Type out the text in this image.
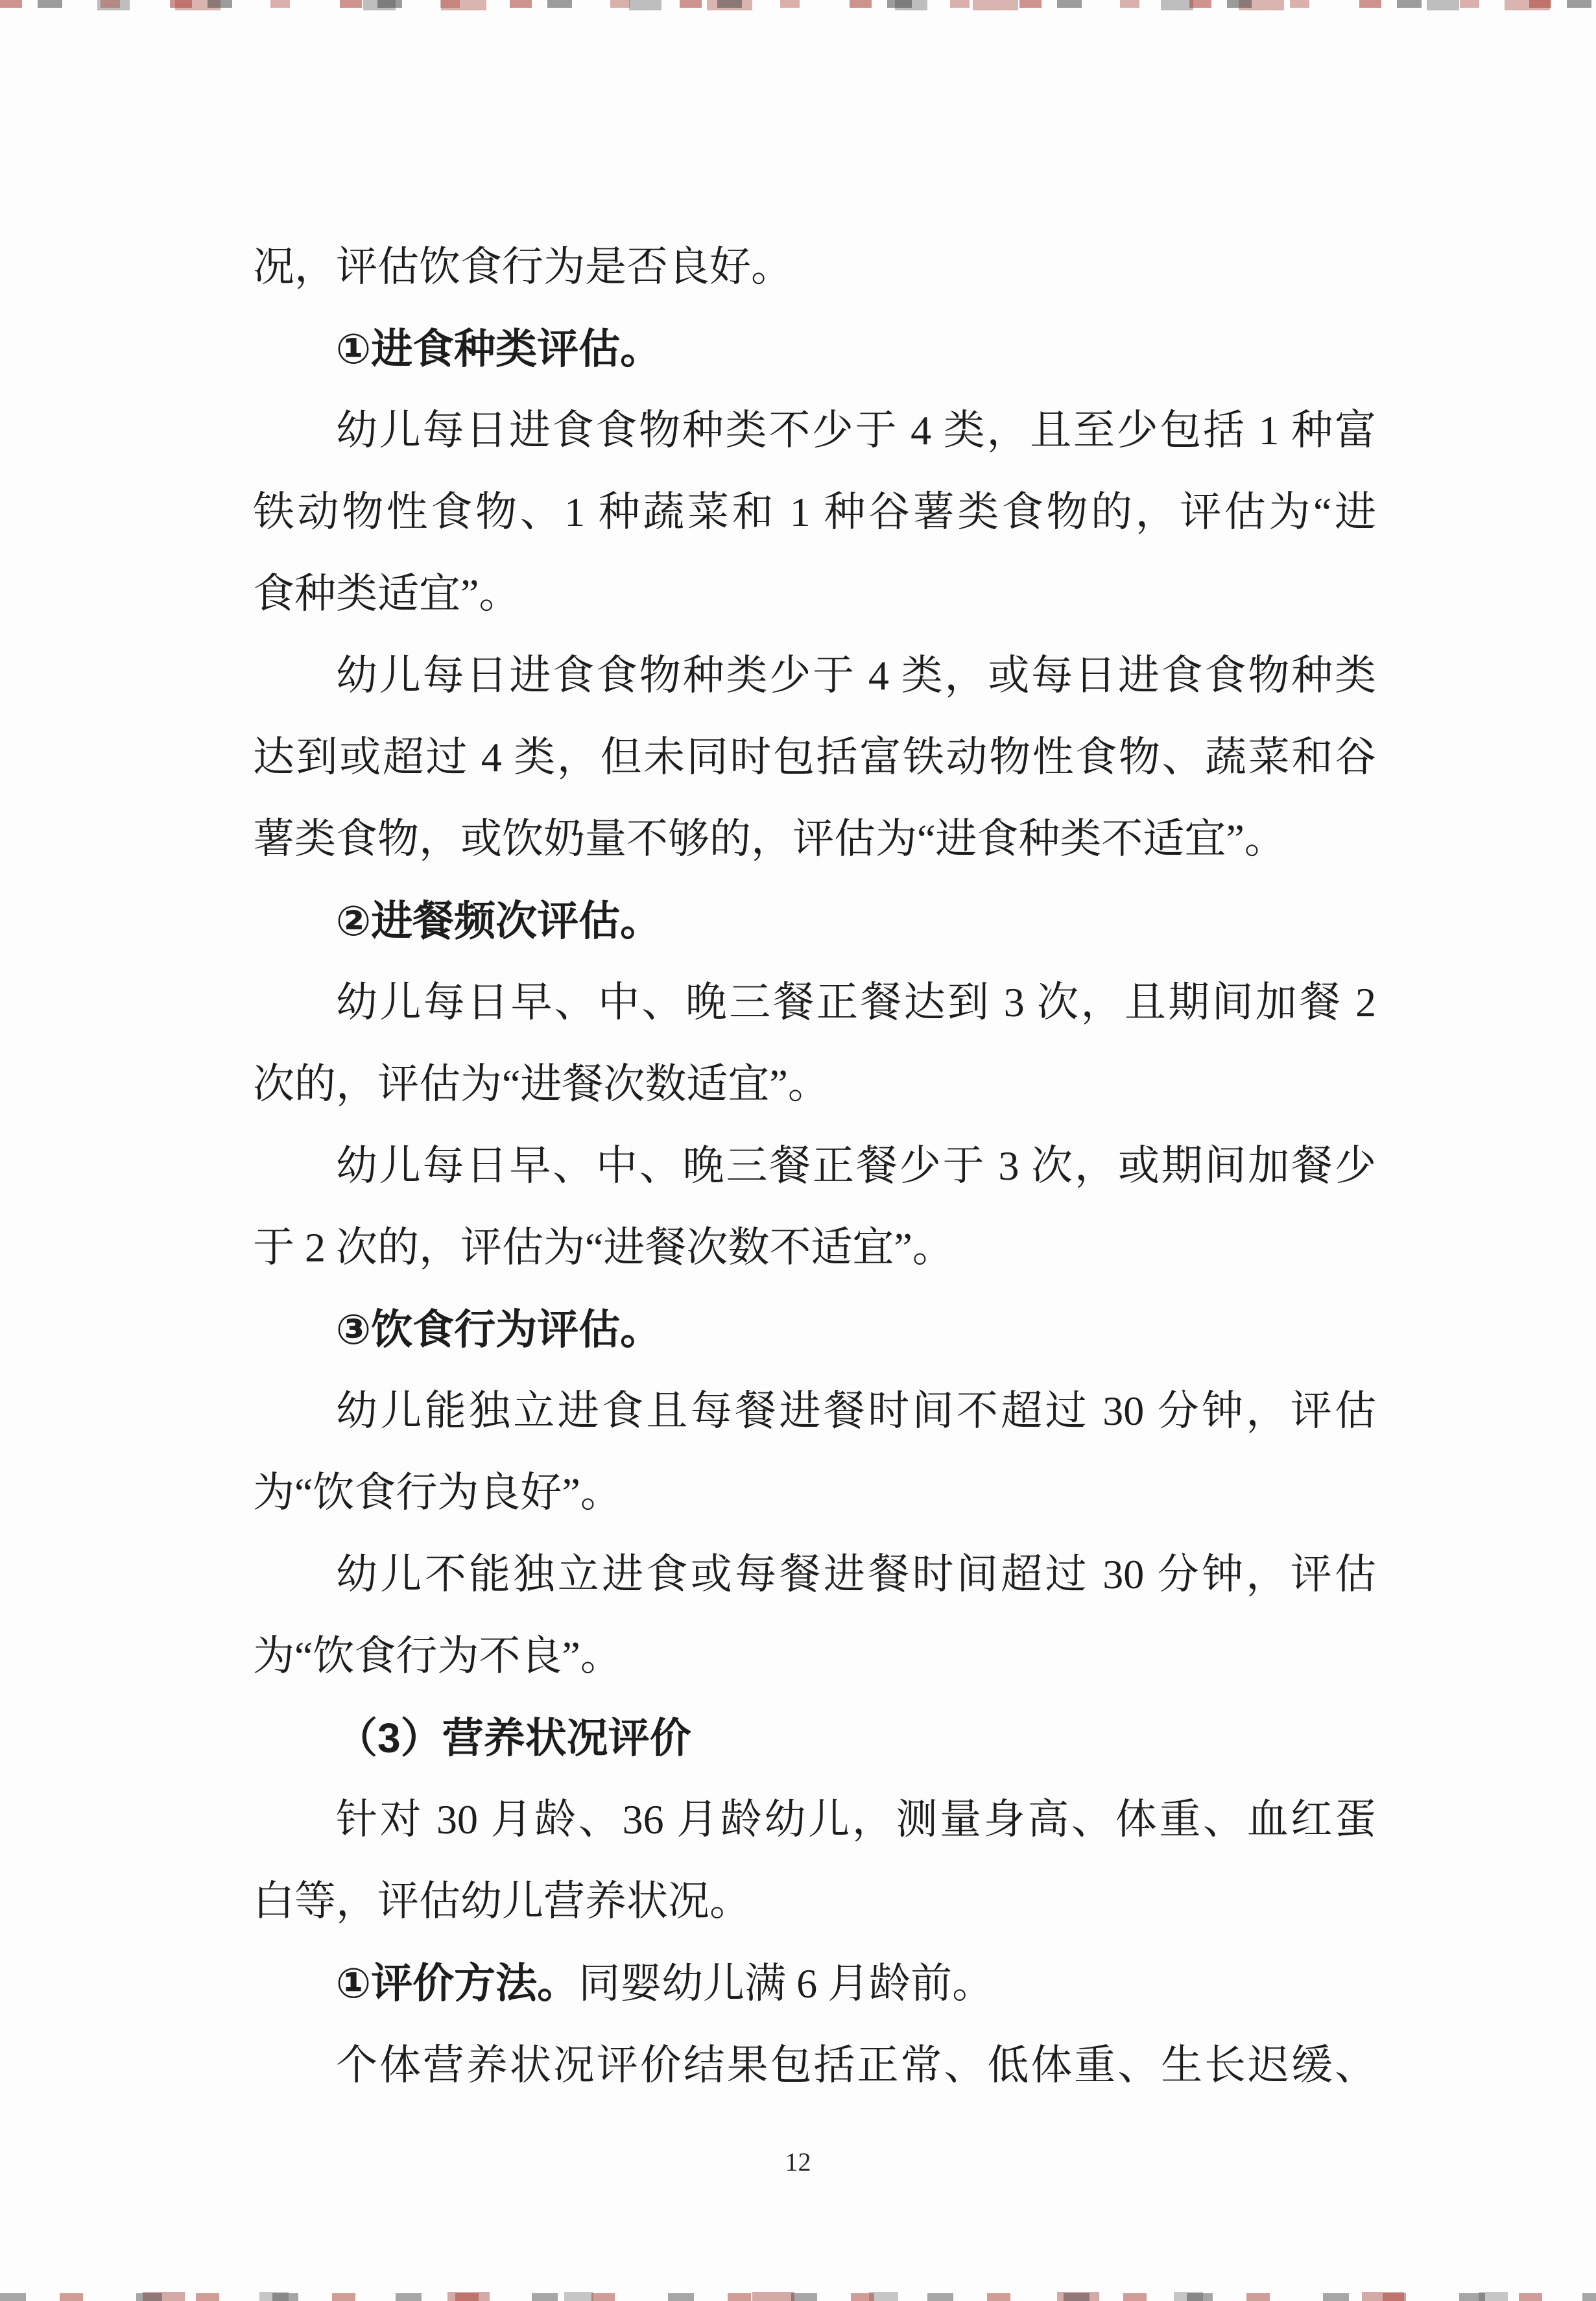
况，评估饮食行为是否良好。
①进食种类评估。
幼儿每日进食食物种类不少于 4 类，且至少包括 1 种富
铁动物性食物、1 种蔬菜和 1 种谷薯类食物的，评估为“进
食种类适宜”。
幼儿每日进食食物种类少于 4 类，或每日进食食物种类
达到或超过 4 类，但未同时包括富铁动物性食物、蔬菜和谷
薯类食物，或饮奶量不够的，评估为“进食种类不适宜”。
②进餐频次评估。
幼儿每日早、中、晚三餐正餐达到 3 次，且期间加餐 2
次的，评估为“进餐次数适宜”。
幼儿每日早、中、晚三餐正餐少于 3 次，或期间加餐少
于 2 次的，评估为“进餐次数不适宜”。
③饮食行为评估。
幼儿能独立进食且每餐进餐时间不超过 30 分钟，评估
为“饮食行为良好”。
幼儿不能独立进食或每餐进餐时间超过 30 分钟，评估
为“饮食行为不良”。
（3）营养状况评价
针对 30 月龄、36 月龄幼儿，测量身高、体重、血红蛋
白等，评估幼儿营养状况。
①评价方法。同婴幼儿满 6 月龄前。
个体营养状况评价结果包括正常、低体重、生长迟缓、
12
